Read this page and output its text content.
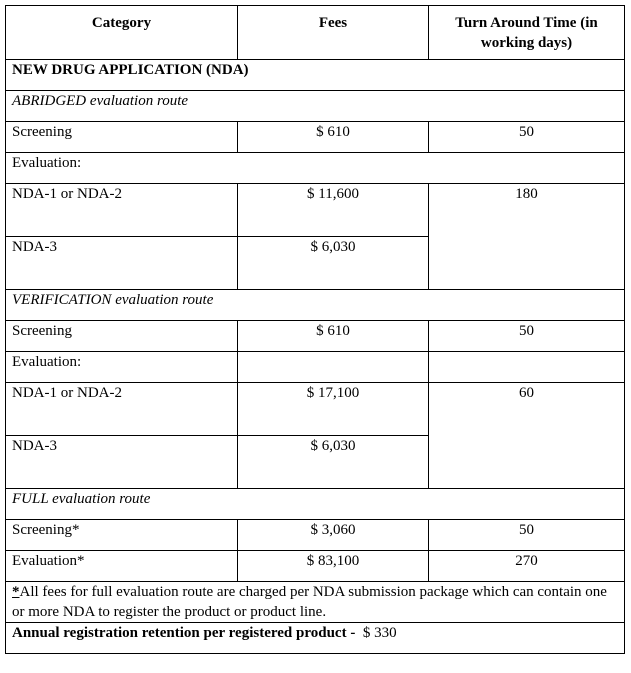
Category	Fees	Turn Around Time (in working days)
NEW DRUG APPLICATION (NDA)		
ABRIDGED evaluation route		
Screening	$ 610	50
Evaluation:		
NDA-1 or NDA-2	$ 11,600	180
NDA-3	$ 6,030	
VERIFICATION evaluation route		
Screening	$ 610	50
Evaluation:		
NDA-1 or NDA-2	$ 17,100	60
NDA-3	$ 6,030	
FULL evaluation route		
Screening*	$ 3,060	50
Evaluation*	$ 83,100	270
*All fees for full evaluation route are charged per NDA submission package which can contain one or more NDA to register the product or product line.		
Annual registration retention per registered product - $ 330		
